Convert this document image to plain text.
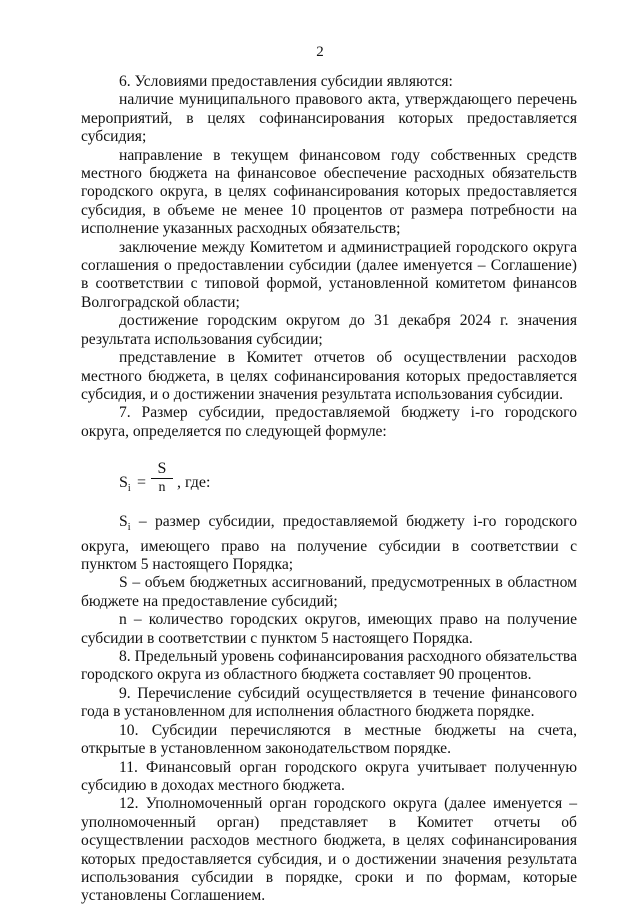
2

6. Условиями предоставления субсидии являются:

наличие муниципального правового акта, утверждающего перечень мероприятий, в целях софинансирования которых предоставляется субсидия;

направление в текущем финансовом году собственных средств местного бюджета на финансовое обеспечение расходных обязательств городского округа, в целях софинансирования которых предоставляется субсидия, в объеме не менее 10 процентов от размера потребности на исполнение указанных расходных обязательств;

заключение между Комитетом и администрацией городского округа соглашения о предоставлении субсидии (далее именуется – Соглашение) в соответствии с типовой формой, установленной комитетом финансов Волгоградской области;

достижение городским округом до 31 декабря 2024 г. значения результата использования субсидии;

представление в Комитет отчетов об осуществлении расходов местного бюджета, в целях софинансирования которых предоставляется субсидия, и о достижении значения результата использования субсидии.

7. Размер субсидии, предоставляемой бюджету i-го городского округа, определяется по следующей формуле:

$S_i = \frac{S}{n}$ , где:

$S_i$ – размер субсидии, предоставляемой бюджету i-го городского округа, имеющего право на получение субсидии в соответствии с пунктом 5 настоящего Порядка;

S – объем бюджетных ассигнований, предусмотренных в областном бюджете на предоставление субсидий;

n – количество городских округов, имеющих право на получение субсидии в соответствии с пунктом 5 настоящего Порядка.

8. Предельный уровень софинансирования расходного обязательства городского округа из областного бюджета составляет 90 процентов.

9. Перечисление субсидий осуществляется в течение финансового года в установленном для исполнения областного бюджета порядке.

10. Субсидии перечисляются в местные бюджеты на счета, открытые в установленном законодательством порядке.

11. Финансовый орган городского округа учитывает полученную субсидию в доходах местного бюджета.

12. Уполномоченный орган городского округа (далее именуется – уполномоченный орган) представляет в Комитет отчеты об осуществлении расходов местного бюджета, в целях софинансирования которых предоставляется субсидия, и о достижении значения результата использования субсидии в порядке, сроки и по формам, которые установлены Соглашением.
